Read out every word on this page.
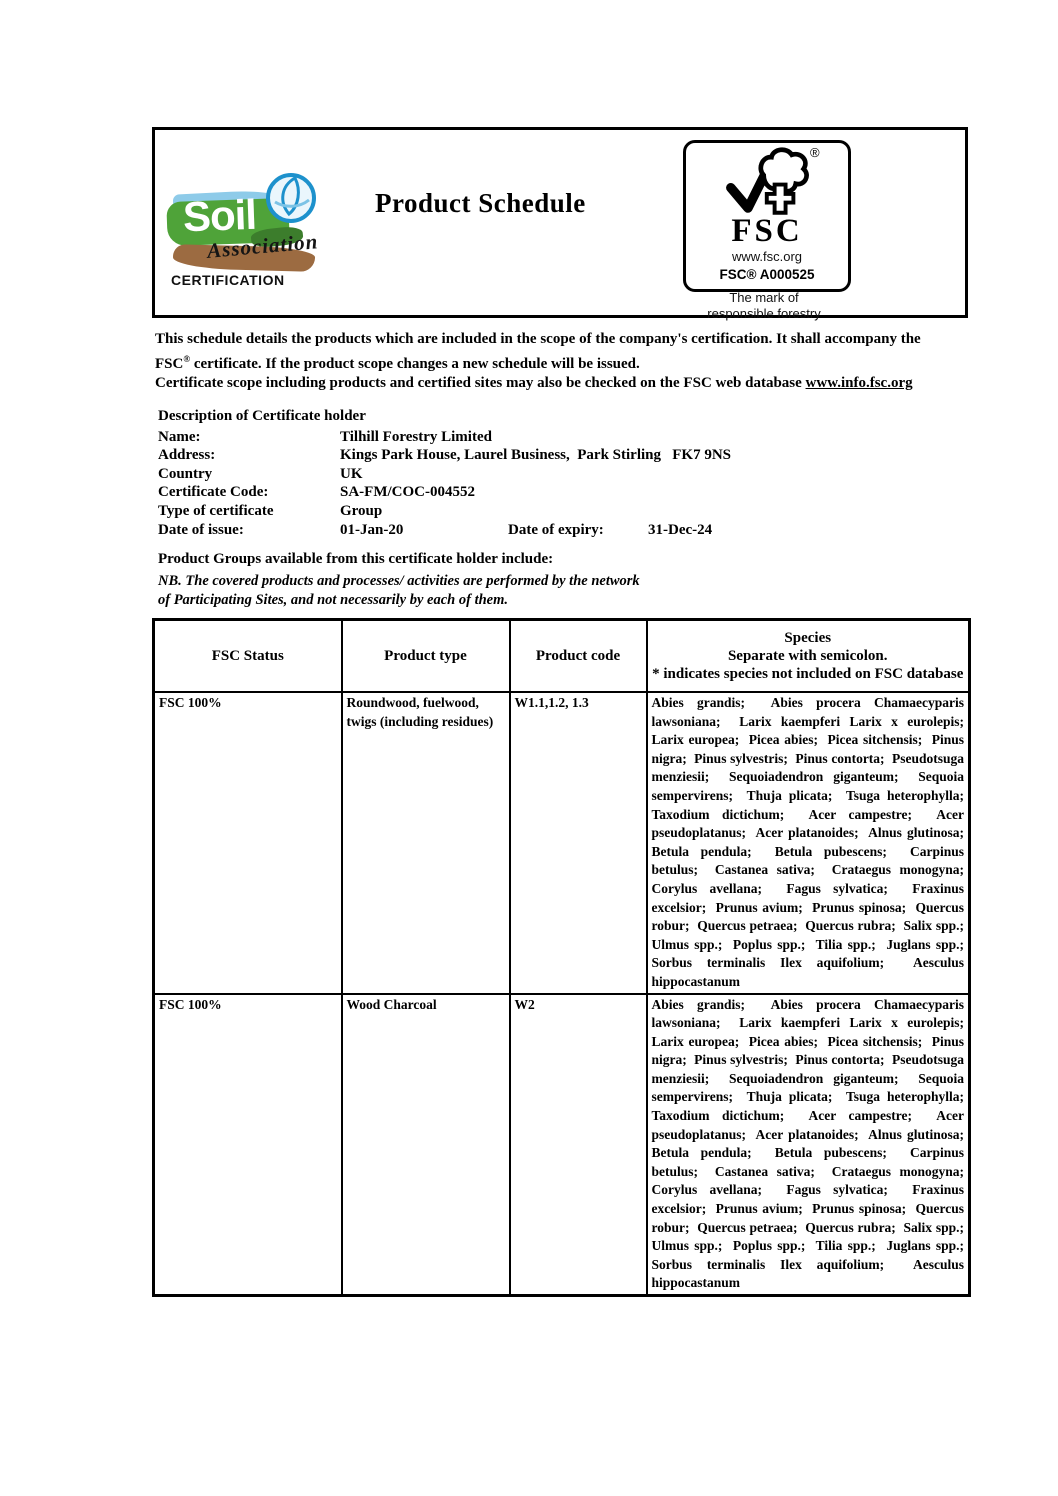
Soil
Association
CERTIFICATION
Product Schedule
®
FSC
www.fsc.org
FSC® A000525
The mark of
responsible forestry

This schedule details the products which are included in the scope of the company's certification. It shall accompany the FSC® certificate. If the product scope changes a new schedule will be issued.

Certificate scope including products and certified sites may also be checked on the FSC web database www.info.fsc.org

Description of Certificate holder

Name:	Tilhill Forestry Limited
Address:	Kings Park House, Laurel Business,  Park Stirling   FK7 9NS
Country	UK
Certificate Code:	SA-FM/COC-004552
Type of certificate	Group
Date of issue:	01-Jan-20	Date of expiry:	31-Dec-24

Product Groups available from this certificate holder include:

NB. The covered products and processes/ activities are performed by the network
of Participating Sites, and not necessarily by each of them.

FSC Status	Product type	Product code	Species
Separate with semicolon.
* indicates species not included on FSC database
FSC 100%	Roundwood, fuelwood, twigs (including residues)	W1.1,1.2, 1.3	Abies grandis;  Abies procera Chamaecyparis lawsoniana;  Larix kaempferi Larix x eurolepis;  Larix europea;  Picea abies;  Picea sitchensis;  Pinus nigra;  Pinus sylvestris;  Pinus contorta;  Pseudotsuga menziesii;  Sequoiadendron giganteum;  Sequoia sempervirens;  Thuja plicata;  Tsuga heterophylla;  Taxodium dictichum;  Acer campestre;  Acer pseudoplatanus;  Acer platanoides;  Alnus glutinosa;  Betula pendula;  Betula pubescens;  Carpinus betulus;  Castanea sativa;  Crataegus monogyna;  Corylus avellana;  Fagus sylvatica;  Fraxinus excelsior;  Prunus avium;  Prunus spinosa;  Quercus robur;  Quercus petraea;  Quercus rubra;  Salix spp.;  Ulmus spp.;  Poplus spp.;  Tilia spp.;  Juglans spp.;  Sorbus terminalis Ilex aquifolium;  Aesculus hippocastanum
FSC 100%	Wood Charcoal	W2	Abies grandis;  Abies procera Chamaecyparis lawsoniana;  Larix kaempferi Larix x eurolepis;  Larix europea;  Picea abies;  Picea sitchensis;  Pinus nigra;  Pinus sylvestris;  Pinus contorta;  Pseudotsuga menziesii;  Sequoiadendron giganteum;  Sequoia sempervirens;  Thuja plicata;  Tsuga heterophylla;  Taxodium dictichum;  Acer campestre;  Acer pseudoplatanus;  Acer platanoides;  Alnus glutinosa;  Betula pendula;  Betula pubescens;  Carpinus betulus;  Castanea sativa;  Crataegus monogyna;  Corylus avellana;  Fagus sylvatica;  Fraxinus excelsior;  Prunus avium;  Prunus spinosa;  Quercus robur;  Quercus petraea;  Quercus rubra;  Salix spp.;  Ulmus spp.;  Poplus spp.;  Tilia spp.;  Juglans spp.;  Sorbus terminalis Ilex aquifolium;  Aesculus hippocastanum
